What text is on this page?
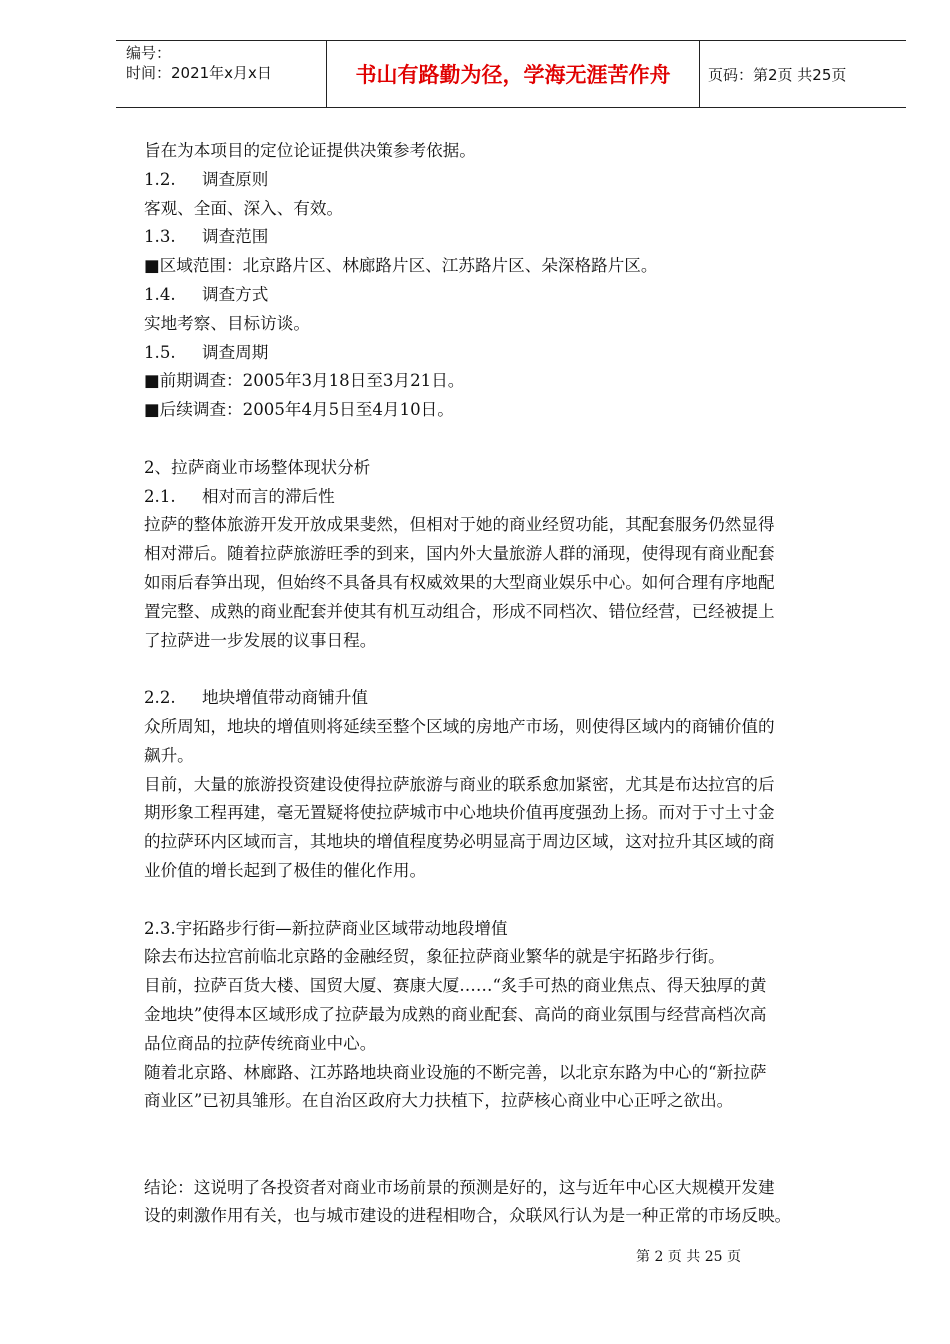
编号：
时间：2021年x月x日	书山有路勤为径，学海无涯苦作舟	页码：第2页 共25页

旨在为本项目的定位论证提供决策参考依据。

1.2. 调查原则

客观、全面、深入、有效。

1.3. 调查范围

■区域范围：北京路片区、林廊路片区、江苏路片区、朵深格路片区。

1.4. 调查方式

实地考察、目标访谈。

1.5. 调查周期

■前期调查：2005年3月18日至3月21日。

■后续调查：2005年4月5日至4月10日。

2、拉萨商业市场整体现状分析

2.1. 相对而言的滞后性

拉萨的整体旅游开发开放成果斐然，但相对于她的商业经贸功能，其配套服务仍然显得

相对滞后。随着拉萨旅游旺季的到来，国内外大量旅游人群的涌现，使得现有商业配套

如雨后春笋出现，但始终不具备具有权威效果的大型商业娱乐中心。如何合理有序地配

置完整、成熟的商业配套并使其有机互动组合，形成不同档次、错位经营，已经被提上

了拉萨进一步发展的议事日程。

2.2. 地块增值带动商铺升值

众所周知，地块的增值则将延续至整个区域的房地产市场，则使得区域内的商铺价值的

飙升。

目前，大量的旅游投资建设使得拉萨旅游与商业的联系愈加紧密，尤其是布达拉宫的后

期形象工程再建，毫无置疑将使拉萨城市中心地块价值再度强劲上扬。而对于寸土寸金

的拉萨环内区域而言，其地块的增值程度势必明显高于周边区域，这对拉升其区域的商

业价值的增长起到了极佳的催化作用。

2.3.宇拓路步行街—新拉萨商业区域带动地段增值

除去布达拉宫前临北京路的金融经贸，象征拉萨商业繁华的就是宇拓路步行街。

目前，拉萨百货大楼、国贸大厦、赛康大厦……“炙手可热的商业焦点、得天独厚的黄

金地块”使得本区域形成了拉萨最为成熟的商业配套、高尚的商业氛围与经营高档次高

品位商品的拉萨传统商业中心。

随着北京路、林廊路、江苏路地块商业设施的不断完善，以北京东路为中心的“新拉萨

商业区”已初具雏形。在自治区政府大力扶植下，拉萨核心商业中心正呼之欲出。

结论：这说明了各投资者对商业市场前景的预测是好的，这与近年中心区大规模开发建

设的刺激作用有关，也与城市建设的进程相吻合，众联风行认为是一种正常的市场反映。

第 2 页 共 25 页
